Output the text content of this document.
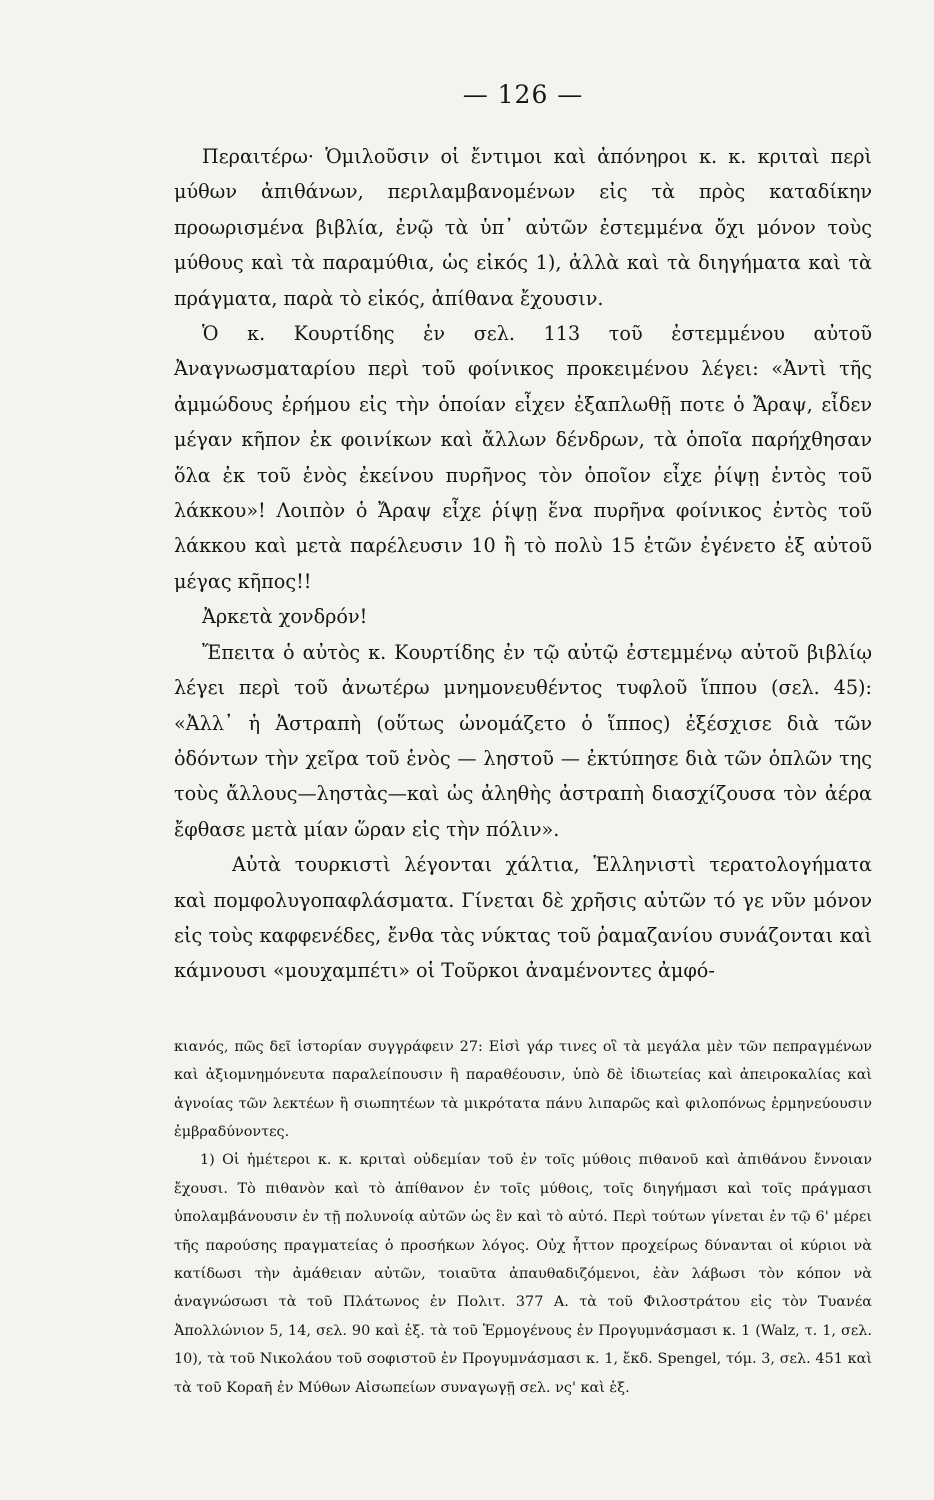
— 126 —

Περαιτέρω· Ὁμιλοῦσιν οἱ ἔντιμοι καὶ ἀπόνηροι κ. κ. κριταὶ περὶ μύθων ἀπιθάνων, περιλαμβανομένων εἰς τὰ πρὸς καταδίκην προωρισμένα βιβλία, ἐνῷ τὰ ὑπ᾿ αὐτῶν ἐστεμμένα ὄχι μόνον τοὺς μύθους καὶ τὰ παραμύθια, ὡς εἰκός 1), ἀλλὰ καὶ τὰ διηγήματα καὶ τὰ πράγματα, παρὰ τὸ εἰκός, ἀπίθανα ἔχουσιν.

Ὁ κ. Κουρτίδης ἐν σελ. 113 τοῦ ἐστεμμένου αὐτοῦ Ἀναγνωσματαρίου περὶ τοῦ φοίνικος προκειμένου λέγει: «Ἀντὶ τῆς ἀμμώδους ἐρήμου εἰς τὴν ὁποίαν εἶχεν ἐξαπλωθῇ ποτε ὁ Ἄραψ, εἶδεν μέγαν κῆπον ἐκ φοινίκων καὶ ἄλλων δένδρων, τὰ ὁποῖα παρήχθησαν ὅλα ἐκ τοῦ ἑνὸς ἐκείνου πυρῆνος τὸν ὁποῖον εἶχε ῥίψῃ ἐντὸς τοῦ λάκκου»! Λοιπὸν ὁ Ἄραψ εἶχε ῥίψῃ ἕνα πυρῆνα φοίνικος ἐντὸς τοῦ λάκκου καὶ μετὰ παρέλευσιν 10 ἢ τὸ πολὺ 15 ἐτῶν ἐγένετο ἐξ αὐτοῦ μέγας κῆπος!!

Ἀρκετὰ χονδρόν!

Ἔπειτα ὁ αὐτὸς κ. Κουρτίδης ἐν τῷ αὐτῷ ἐστεμμένῳ αὐτοῦ βιβλίῳ λέγει περὶ τοῦ ἀνωτέρω μνημονευθέντος τυφλοῦ ἵππου (σελ. 45): «Ἀλλ᾿ ἡ Ἀστραπὴ (οὕτως ὠνομάζετο ὁ ἵππος) ἐξέσχισε διὰ τῶν ὀδόντων τὴν χεῖρα τοῦ ἑνὸς — ληστοῦ — ἐκτύπησε διὰ τῶν ὁπλῶν της τοὺς ἄλλους—ληστὰς—καὶ ὡς ἀληθὴς ἀστραπὴ διασχίζουσα τὸν ἀέρα ἔφθασε μετὰ μίαν ὥραν εἰς τὴν πόλιν».

Αὐτὰ τουρκιστὶ λέγονται χάλτια, Ἑλληνιστὶ τερατολογήματα καὶ πομφολυγοπαφλάσματα. Γίνεται δὲ χρῆσις αὐτῶν τό γε νῦν μόνον εἰς τοὺς καφφενέδες, ἔνθα τὰς νύκτας τοῦ ῥαμαζανίου συνάζονται καὶ κάμνουσι «μουχαμπέτι» οἱ Τοῦρκοι ἀναμένοντες ἀμφό-

κιανός, πῶς δεῖ ἱστορίαν συγγράφειν 27: Εἰσὶ γάρ τινες οἳ τὰ μεγάλα μὲν τῶν πεπραγμένων καὶ ἀξιομνημόνευτα παραλείπουσιν ἢ παραθέουσιν, ὑπὸ δὲ ἰδιωτείας καὶ ἀπειροκαλίας καὶ ἀγνοίας τῶν λεκτέων ἢ σιωπητέων τὰ μικρότατα πάνυ λιπαρῶς καὶ φιλοπόνως ἑρμηνεύουσιν ἐμβραδύνοντες.

1) Οἱ ἡμέτεροι κ. κ. κριταὶ οὐδεμίαν τοῦ ἐν τοῖς μύθοις πιθανοῦ καὶ ἀπιθάνου ἔννοιαν ἔχουσι. Τὸ πιθανὸν καὶ τὸ ἀπίθανον ἐν τοῖς μύθοις, τοῖς διηγήμασι καὶ τοῖς πράγμασι ὑπολαμβάνουσιν ἐν τῇ πολυνοίᾳ αὐτῶν ὡς ἓν καὶ τὸ αὐτό. Περὶ τούτων γίνεται ἐν τῷ 6' μέρει τῆς παρούσης πραγματείας ὁ προσήκων λόγος. Οὐχ ἧττον προχείρως δύνανται οἱ κύριοι νὰ κατίδωσι τὴν ἀμάθειαν αὐτῶν, τοιαῦτα ἀπαυθαδιζόμενοι, ἐὰν λάβωσι τὸν κόπον νὰ ἀναγνώσωσι τὰ τοῦ Πλάτωνος ἐν Πολιτ. 377 Α. τὰ τοῦ Φιλοστράτου εἰς τὸν Τυανέα Ἀπολλώνιον 5, 14, σελ. 90 καὶ ἑξ. τὰ τοῦ Ἑρμογένους ἐν Προγυμνάσμασι κ. 1 (Walz, τ. 1, σελ. 10), τὰ τοῦ Νικολάου τοῦ σοφιστοῦ ἐν Προγυμνάσμασι κ. 1, ἔκδ. Spengel, τόμ. 3, σελ. 451 καὶ τὰ τοῦ Κοραῆ ἐν Μύθων Αἰσωπείων συναγωγῇ σελ. νς' καὶ ἑξ.
